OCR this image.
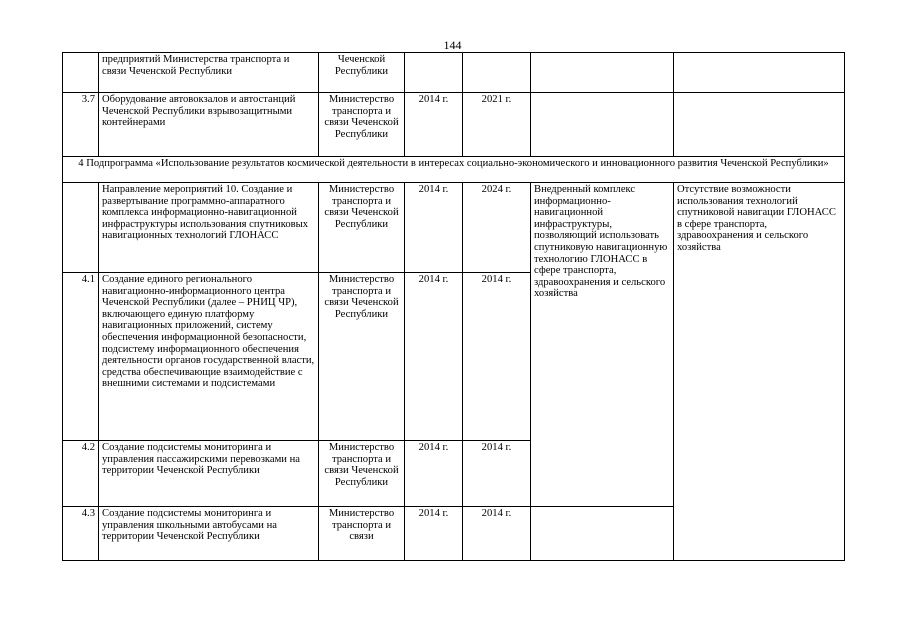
144
	предприятий Министерства транспорта и связи Чеченской Республики	Чеченской Республики				
3.7	Оборудование автовокзалов и автостанций Чеченской Республики взрывозащитными контейнерами	Министерство транспорта и связи Чеченской Республики	2014 г.	2021 г.		
4 Подпрограмма «Использование результатов космической деятельности в интересах социально-экономического и инновационного развития Чеченской Республики»						
	Направление мероприятий 10. Создание и развертывание программно-аппаратного комплекса информационно-навигационной инфраструктуры использования спутниковых навигационных технологий ГЛОНАСС	Министерство транспорта и связи Чеченской Республики	2014 г.	2024 г.	Внедренный комплекс информационно-навигационной инфраструктуры, позволяющий использовать спутниковую навигационную технологию ГЛОНАСС в сфере транспорта, здравоохранения и сельского хозяйства	Отсутствие возможности использования технологий спутниковой навигации ГЛОНАСС в сфере транспорта, здравоохранения и сельского хозяйства
4.1	Создание единого регионального навигационно-информационного центра Чеченской Республики (далее – РНИЦ ЧР), включающего единую платформу навигационных приложений, систему обеспечения информационной безопасности, подсистему информационного обеспечения деятельности органов государственной власти, средства обеспечивающие взаимодействие с внешними системами и подсистемами	Министерство транспорта и связи Чеченской Республики	2014 г.	2014 г.		
4.2	Создание подсистемы мониторинга и управления пассажирскими перевозками на территории Чеченской Республики	Министерство транспорта и связи Чеченской Республики	2014 г.	2014 г.		
4.3	Создание подсистемы мониторинга и управления школьными автобусами на территории Чеченской Республики	Министерство транспорта и связи	2014 г.	2014 г.		
